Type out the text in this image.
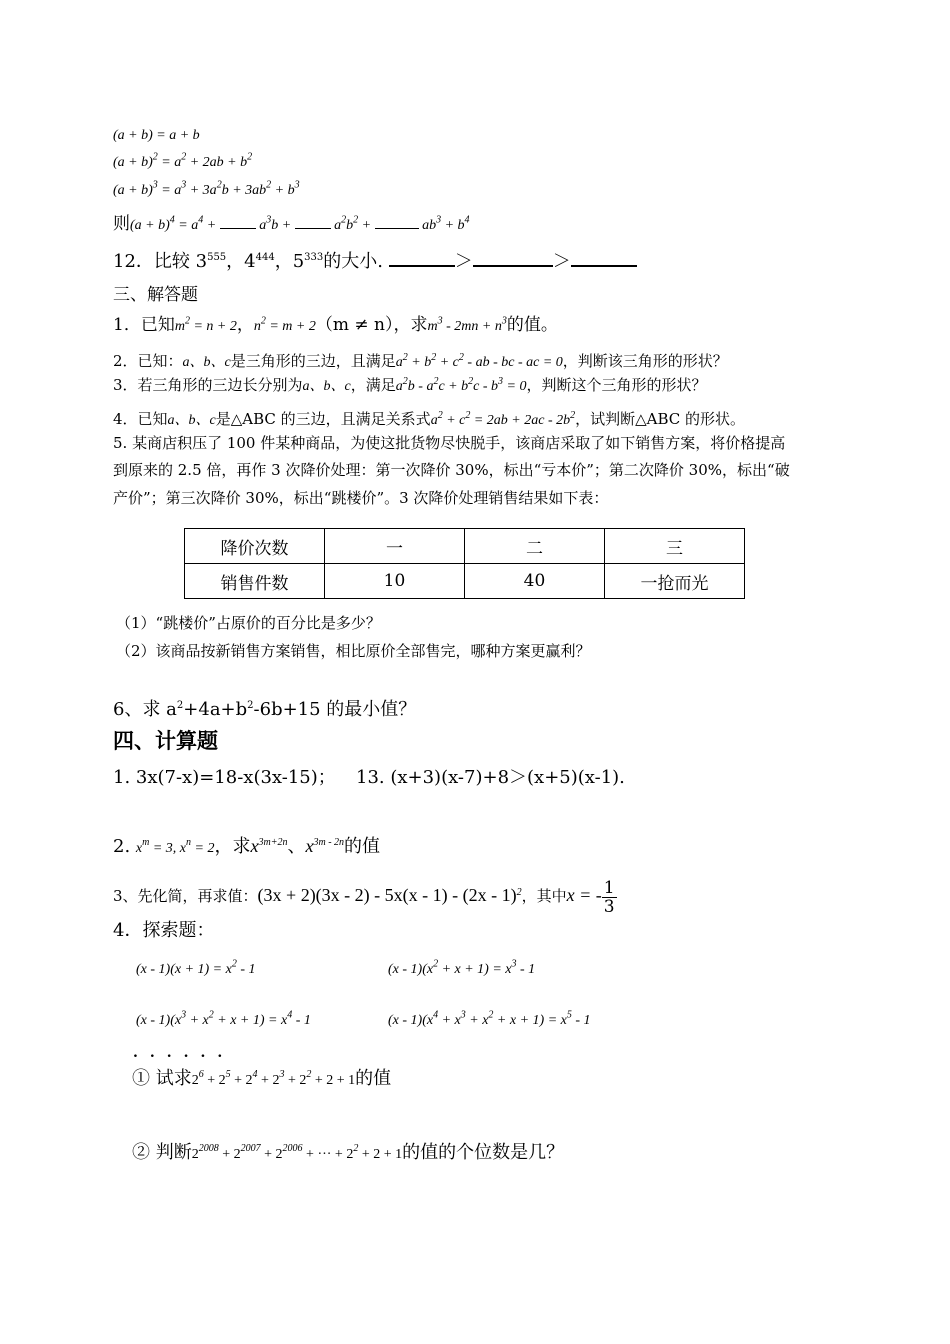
(a + b) = a + b
$(a + b)^2 = a^2 + 2ab + b^2$
$(a + b)^3 = a^3 + 3a^2b + 3ab^2 + b^3$
则$(a + b)^4 = a^4$ +	$a^3b$ +	$a^2b^2$ +	$ab^3 + b^4$
12．比较 $3^{555}$，$4^{444}$，$5^{333}$的大小.	＞	＞
三、解答题
1．已知$m^2 = n + 2$，$n^2 = m + 2(m \ne n)$，求$m^3 - 2mn + n^3$的值。
2．已知：a、b、c是三角形的三边，且满足$a^2 + b^2 + c^2$ - ab - bc - ac = 0，判断该三角形的形状？
3．若三角形的三边长分别为a、b、c，满足$a^2b - a^2c + b^2c - b^3 = 0$，判断这个三角形的形状？
4．已知a、b、c是△ABC 的三边，且满足关系式$a^2 + c^2 = 2ab + 2ac - 2b^2$，试判断△ABC 的形状。
5. 某商店积压了 100 件某种商品，为使这批货物尽快脱手，该商店采取了如下销售方案，将价格提高
到原来的 2.5 倍，再作 3 次降价处理：第一次降价 30%，标出“亏本价”；第二次降价 30%，标出“破
产价”；第三次降价 30%，标出“跳楼价”。3 次降价处理销售结果如下表：
降价次数	一	二	三
销售件数	10	40	一抢而光
（1）“跳楼价”占原价的百分比是多少？
（2）该商品按新销售方案销售，相比原价全部售完，哪种方案更赢利？
6、求 $a^2+4a+b^2-6b+15$ 的最小值？
四、计算题
1. 3x(7-x)=18-x(3x-15)； 13. (x+3)(x-7)+8＞(x+5)(x-1).
2. $x^m = 3$, $x^n = 2$，求$x^{3m+2n}$、$x^{3m - 2n}$的值
3、先化简，再求值：(3x + 2)(3x - 2) - 5x(x - 1) - (2x - 1)$^2$，其中x = - $\frac{1}{3}$
4．探索题：
$(x - 1)(x + 1) = x^2 - 1$	$(x - 1)(x^2 + x + 1) = x^3 - 1$
$(x - 1)(x^3 + x^2 + x + 1) = x^4 - 1$	$(x - 1)(x^4 + x^3 + x^2 + x + 1) = x^5 - 1$
......
① 试求$2^6 + 2^5 + 2^4 + 2^3 + 2^2 + 2 + 1$的值
② 判断$2^{2008} + 2^{2007} + 2^{2006}$ + ··· + $2^2 + 2 + 1$的值的个位数是几？
